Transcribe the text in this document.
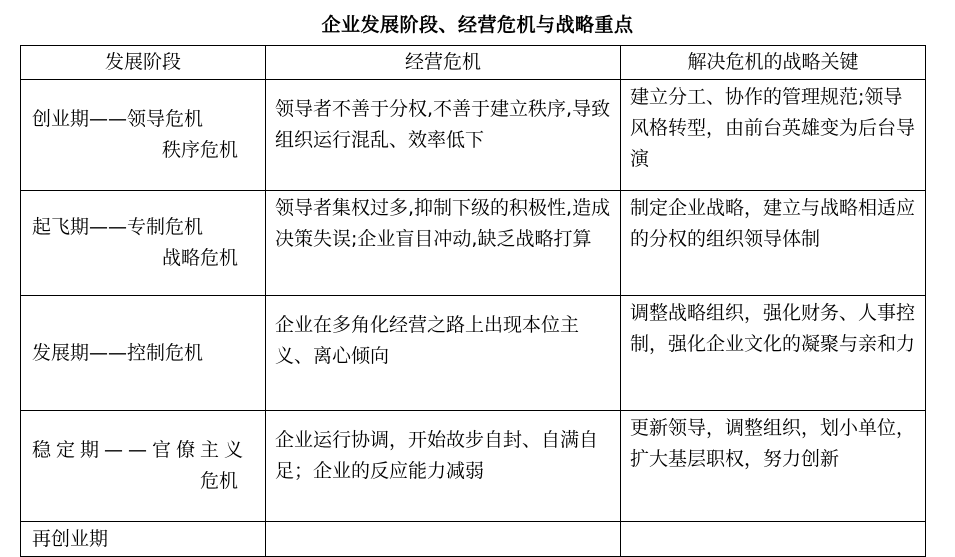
企业发展阶段、经营危机与战略重点
发展阶段	经营危机	解决危机的战略关键

创业期——领导危机
秩序危机	领导者不善于分权,不善于建立秩序,导致组织运行混乱、效率低下	建立分工、协作的管理规范;领导风格转型，由前台英雄变为后台导演

起飞期——专制危机
战略危机	领导者集权过多,抑制下级的积极性,造成决策失误;企业盲目冲动,缺乏战略打算	制定企业战略，建立与战略相适应的分权的组织领导体制

发展期——控制危机	企业在多角化经营之路上出现本位主义、离心倾向	调整战略组织，强化财务、人事控制，强化企业文化的凝聚与亲和力

稳定期——官僚主义
危机	企业运行协调，开始故步自封、自满自足；企业的反应能力减弱	更新领导，调整组织，划小单位，扩大基层职权，努力创新
再创业期		
